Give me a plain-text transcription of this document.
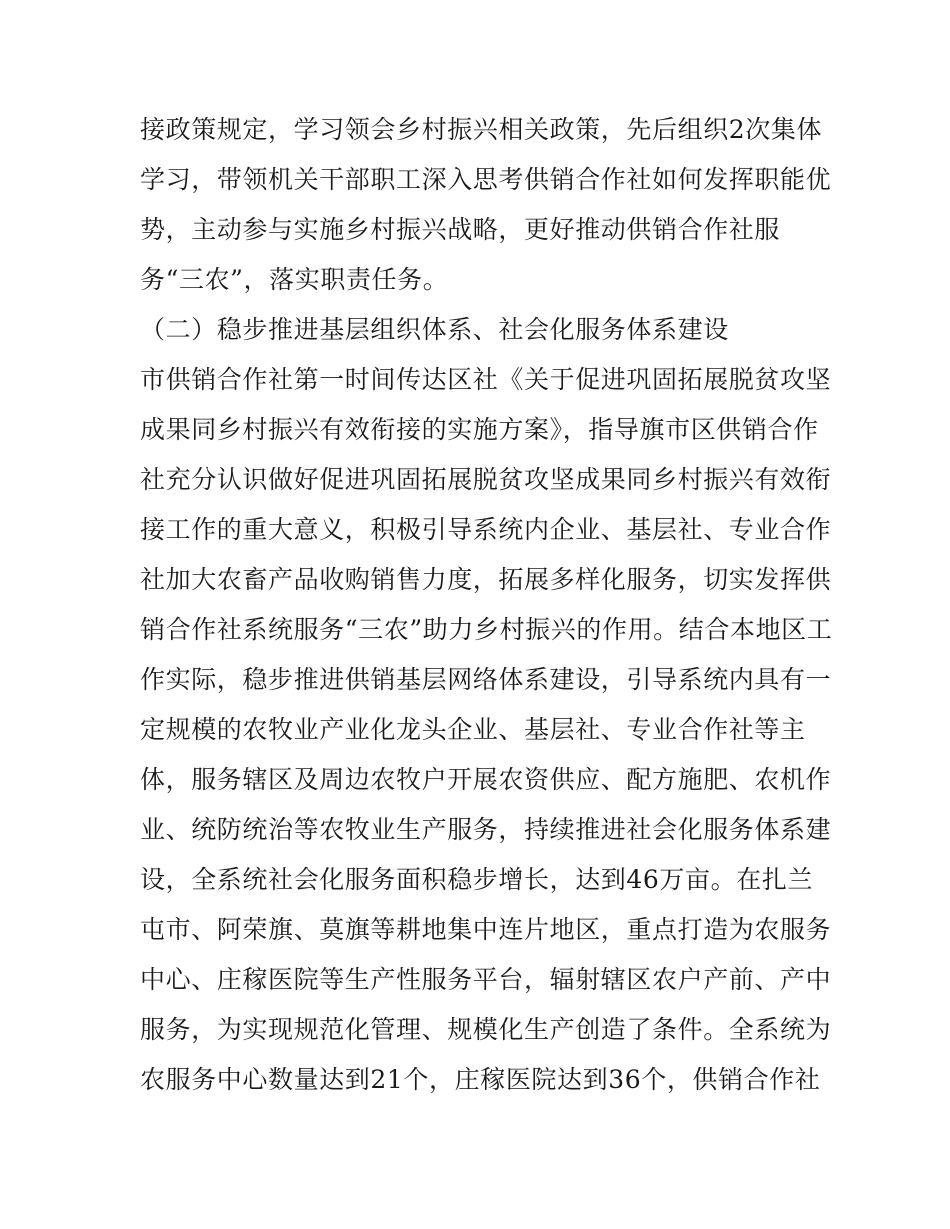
接政策规定，学习领会乡村振兴相关政策，先后组织2次集体
学习，带领机关干部职工深入思考供销合作社如何发挥职能优
势，主动参与实施乡村振兴战略，更好推动供销合作社服
务“三农”，落实职责任务。
（二）稳步推进基层组织体系、社会化服务体系建设
市供销合作社第一时间传达区社《关于促进巩固拓展脱贫攻坚
成果同乡村振兴有效衔接的实施方案》，指导旗市区供销合作
社充分认识做好促进巩固拓展脱贫攻坚成果同乡村振兴有效衔
接工作的重大意义，积极引导系统内企业、基层社、专业合作
社加大农畜产品收购销售力度，拓展多样化服务，切实发挥供
销合作社系统服务“三农”助力乡村振兴的作用。结合本地区工
作实际，稳步推进供销基层网络体系建设，引导系统内具有一
定规模的农牧业产业化龙头企业、基层社、专业合作社等主
体，服务辖区及周边农牧户开展农资供应、配方施肥、农机作
业、统防统治等农牧业生产服务，持续推进社会化服务体系建
设，全系统社会化服务面积稳步增长，达到46万亩。在扎兰
屯市、阿荣旗、莫旗等耕地集中连片地区，重点打造为农服务
中心、庄稼医院等生产性服务平台，辐射辖区农户产前、产中
服务，为实现规范化管理、规模化生产创造了条件。全系统为
农服务中心数量达到21个，庄稼医院达到36个，供销合作社
